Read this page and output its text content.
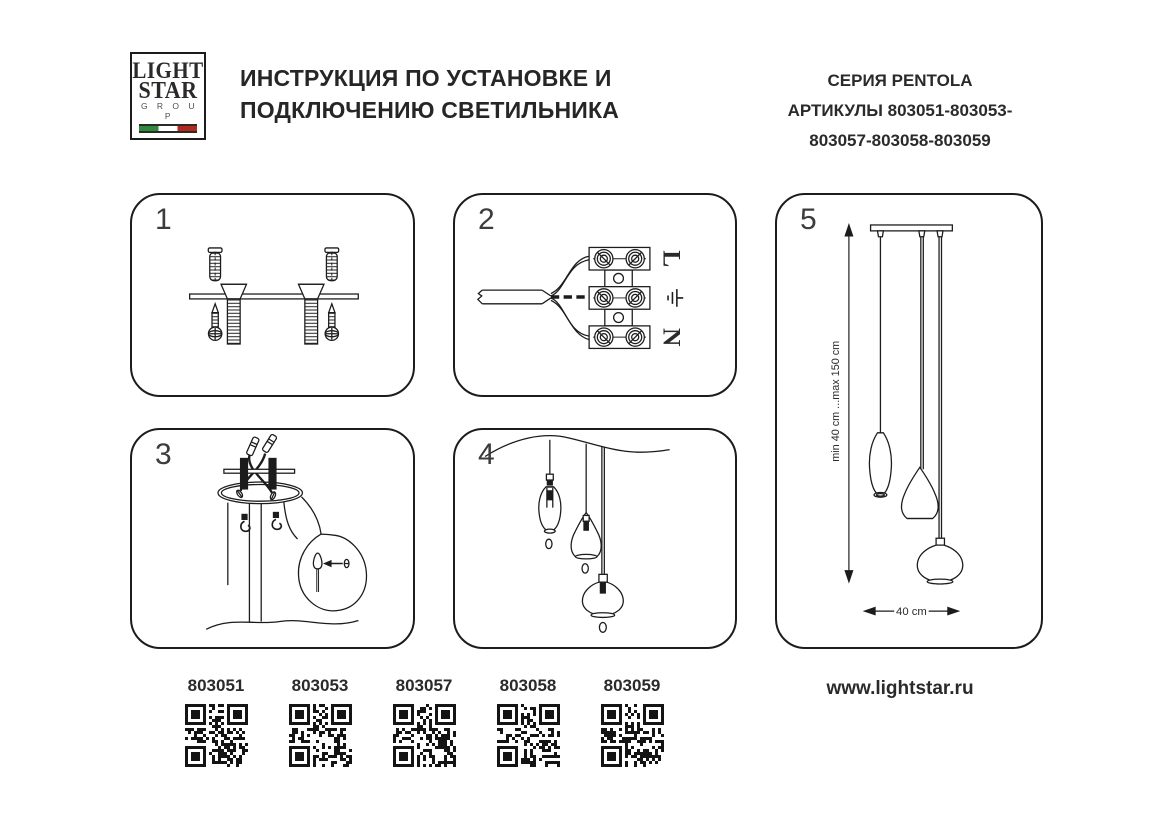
LIGHT
STAR
G R O U P
ИНСТРУКЦИЯ ПО УСТАНОВКЕ И
ПОДКЛЮЧЕНИЮ СВЕТИЛЬНИКА
СЕРИЯ PENTOLA
АРТИКУЛЫ 803051-803053-
803057-803058-803059
1
L
N
2
3	4	min 40 cm ...max 150 cm
40 cm
5
803051	803053	803057	803058	803059	www.lightstar.ru
